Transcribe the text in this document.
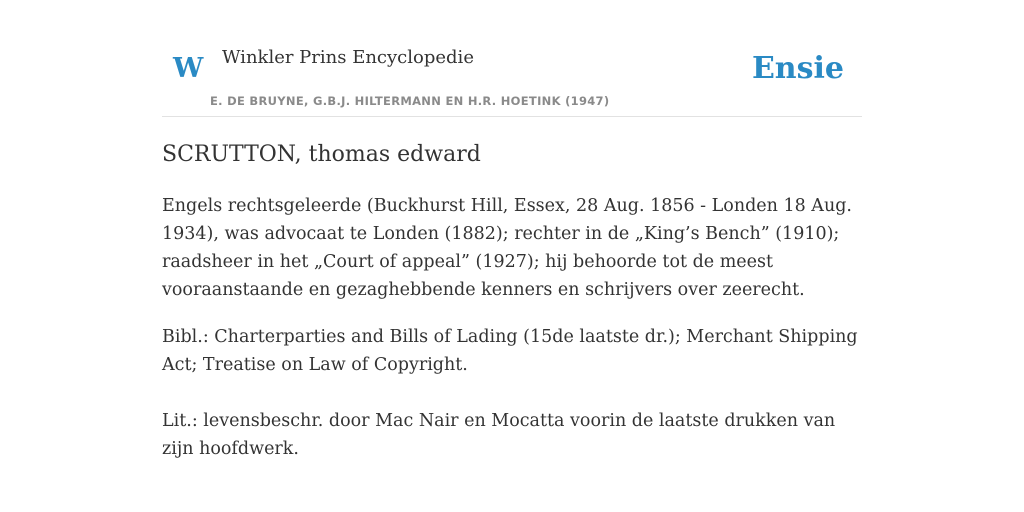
W Winkler Prins Encyclopedie
E. DE BRUYNE, G.B.J. HILTERMANN EN H.R. HOETINK (1947)
Ensie
SCRUTTON, thomas edward

Engels rechtsgeleerde (Buckhurst Hill, Essex, 28 Aug. 1856 - Londen 18 Aug. 1934), was advocaat te Londen (1882); rechter in de „King’s Bench” (1910); raadsheer in het „Court of appeal” (1927); hij behoorde tot de meest vooraanstaande en gezaghebbende kenners en schrijvers over zeerecht.

Bibl.: Charterparties and Bills of Lading (15de laatste dr.); Merchant Shipping Act; Treatise on Law of Copyright.

Lit.: levensbeschr. door Mac Nair en Mocatta voorin de laatste drukken van zijn hoofdwerk.
